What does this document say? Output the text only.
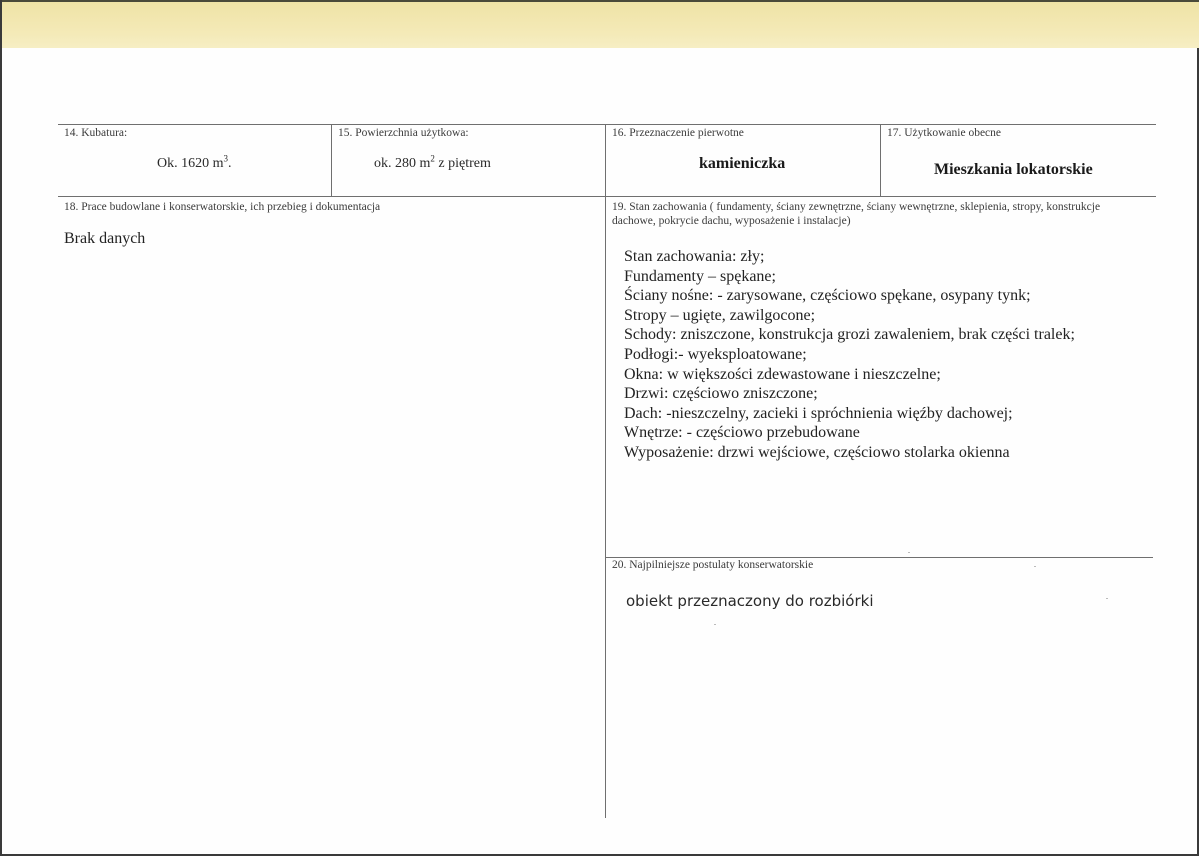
14. Kubatura:
Ok. 1620 $m^3$.
15. Powierzchnia użytkowa:
ok. 280 $m^2$ z piętrem
16. Przeznaczenie pierwotne
kamieniczka
17. Użytkowanie obecne
Mieszkania lokatorskie
18. Prace budowlane i konserwatorskie, ich przebieg i dokumentacja
Brak danych
19. Stan zachowania ( fundamenty, ściany zewnętrzne, ściany wewnętrzne, sklepienia, stropy, konstrukcje dachowe, pokrycie dachu, wyposażenie i instalacje)
Stan zachowania: zły;
Fundamenty – spękane;
Ściany nośne: - zarysowane, częściowo spękane, osypany tynk;
Stropy – ugięte, zawilgocone;
Schody: zniszczone, konstrukcja grozi zawaleniem, brak części tralek;
Podłogi:- wyeksploatowane;
Okna: w większości zdewastowane i nieszczelne;
Drzwi: częściowo zniszczone;
Dach: -nieszczelny, zacieki i spróchnienia więźby dachowej;
Wnętrze: - częściowo przebudowane
Wyposażenie: drzwi wejściowe, częściowo stolarka okienna
20. Najpilniejsze postulaty konserwatorskie
obiekt przeznaczony do rozbiórki
